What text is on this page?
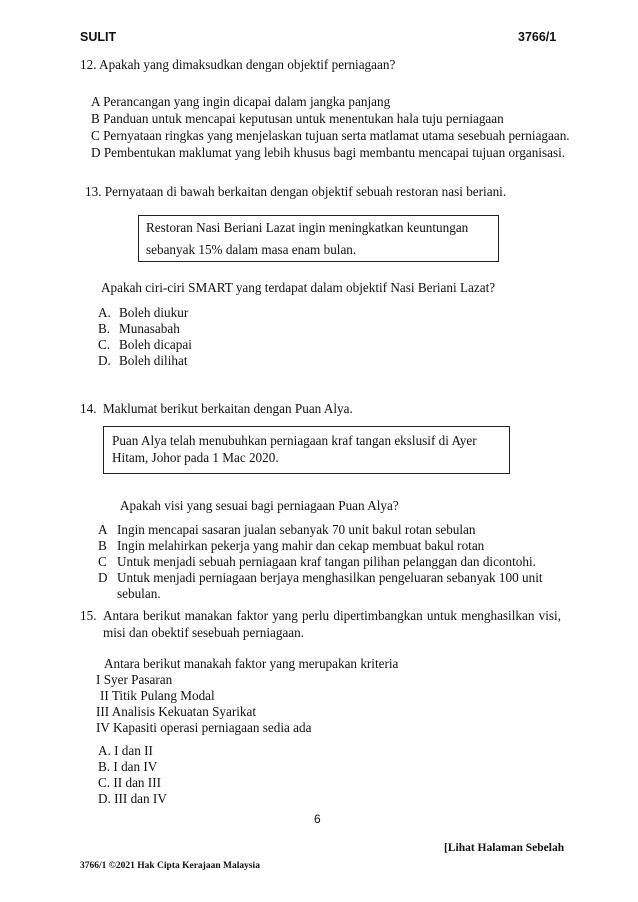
SULIT	3766/1
12. Apakah yang dimaksudkan dengan objektif perniagaan?
A Perancangan yang ingin dicapai dalam jangka panjang
B Panduan untuk mencapai keputusan untuk menentukan hala tuju perniagaan
C Pernyataan ringkas yang menjelaskan tujuan serta matlamat utama sesebuah perniagaan.
D Pembentukan maklumat yang lebih khusus bagi membantu mencapai tujuan organisasi.
13. Pernyataan di bawah berkaitan dengan objektif sebuah restoran nasi beriani.
Restoran Nasi Beriani Lazat ingin meningkatkan keuntungan
sebanyak 15% dalam masa enam bulan.
Apakah ciri-ciri SMART yang terdapat dalam objektif Nasi Beriani Lazat?
A. Boleh diukur
B. Munasabah
C. Boleh dicapai
D. Boleh dilihat
14. Maklumat berikut berkaitan dengan Puan Alya.
Puan Alya telah menubuhkan perniagaan kraf tangan ekslusif di Ayer
Hitam, Johor pada 1 Mac 2020.
Apakah visi yang sesuai bagi perniagaan Puan Alya?
A Ingin mencapai sasaran jualan sebanyak 70 unit bakul rotan sebulan
B Ingin melahirkan pekerja yang mahir dan cekap membuat bakul rotan
C Untuk menjadi sebuah perniagaan kraf tangan pilihan pelanggan dan dicontohi.
D Untuk menjadi perniagaan berjaya menghasilkan pengeluaran sebanyak 100 unit
sebulan.
15. Antara berikut manakan faktor yang perlu dipertimbangkan untuk menghasilkan visi,
misi dan obektif sesebuah perniagaan.
Antara berikut manakah faktor yang merupakan kriteria
I Syer Pasaran
II Titik Pulang Modal
III Analisis Kekuatan Syarikat
IV Kapasiti operasi perniagaan sedia ada
A. I dan II
B. I dan IV
C. II dan III
D. III dan IV
6
[Lihat Halaman Sebelah
3766/1 ©2021 Hak Cipta Kerajaan Malaysia
